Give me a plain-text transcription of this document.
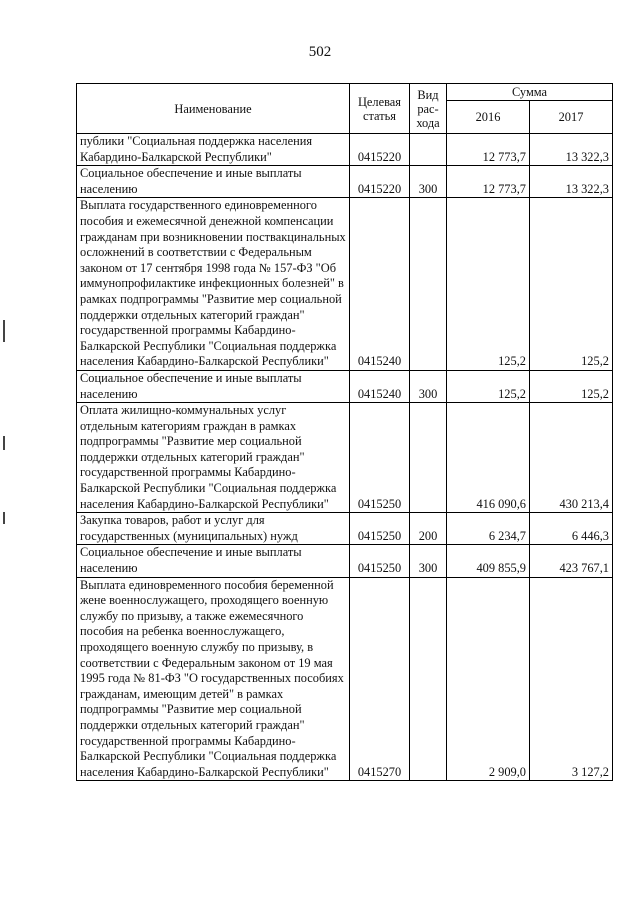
502
Наименование	Целевая статья	Вид рас-хода	Сумма	
			2016	2017
публики "Социальная поддержка населения Кабардино-Балкарской Республики"	0415220		12 773,7	13 322,3
Социальное обеспечение и иные выплаты населению	0415220	300	12 773,7	13 322,3
Выплата государственного единовременного пособия и ежемесячной денежной компенсации гражданам при возникновении поствакцинальных осложнений в соответствии с Федеральным законом от 17 сентября 1998 года № 157-ФЗ "Об иммунопрофилактике инфекционных болезней" в рамках подпрограммы "Развитие мер социальной поддержки отдельных категорий граждан" государственной программы Кабардино-Балкарской Республики "Социальная поддержка населения Кабардино-Балкарской Республики"	0415240		125,2	125,2
Социальное обеспечение и иные выплаты населению	0415240	300	125,2	125,2
Оплата жилищно-коммунальных услуг отдельным категориям граждан в рамках подпрограммы "Развитие мер социальной поддержки отдельных категорий граждан" государственной программы Кабардино-Балкарской Республики "Социальная поддержка населения Кабардино-Балкарской Республики"	0415250		416 090,6	430 213,4
Закупка товаров, работ и услуг для государственных (муниципальных) нужд	0415250	200	6 234,7	6 446,3
Социальное обеспечение и иные выплаты населению	0415250	300	409 855,9	423 767,1
Выплата единовременного пособия беременной жене военнослужащего, проходящего военную службу по призыву, а также ежемесячного пособия на ребенка военнослужащего, проходящего военную службу по призыву, в соответствии с Федеральным законом от 19 мая 1995 года № 81-ФЗ "О государственных пособиях гражданам, имеющим детей" в рамках подпрограммы "Развитие мер социальной поддержки отдельных категорий граждан" государственной программы Кабардино-Балкарской Республики "Социальная поддержка населения Кабардино-Балкарской Республики"	0415270		2 909,0	3 127,2
